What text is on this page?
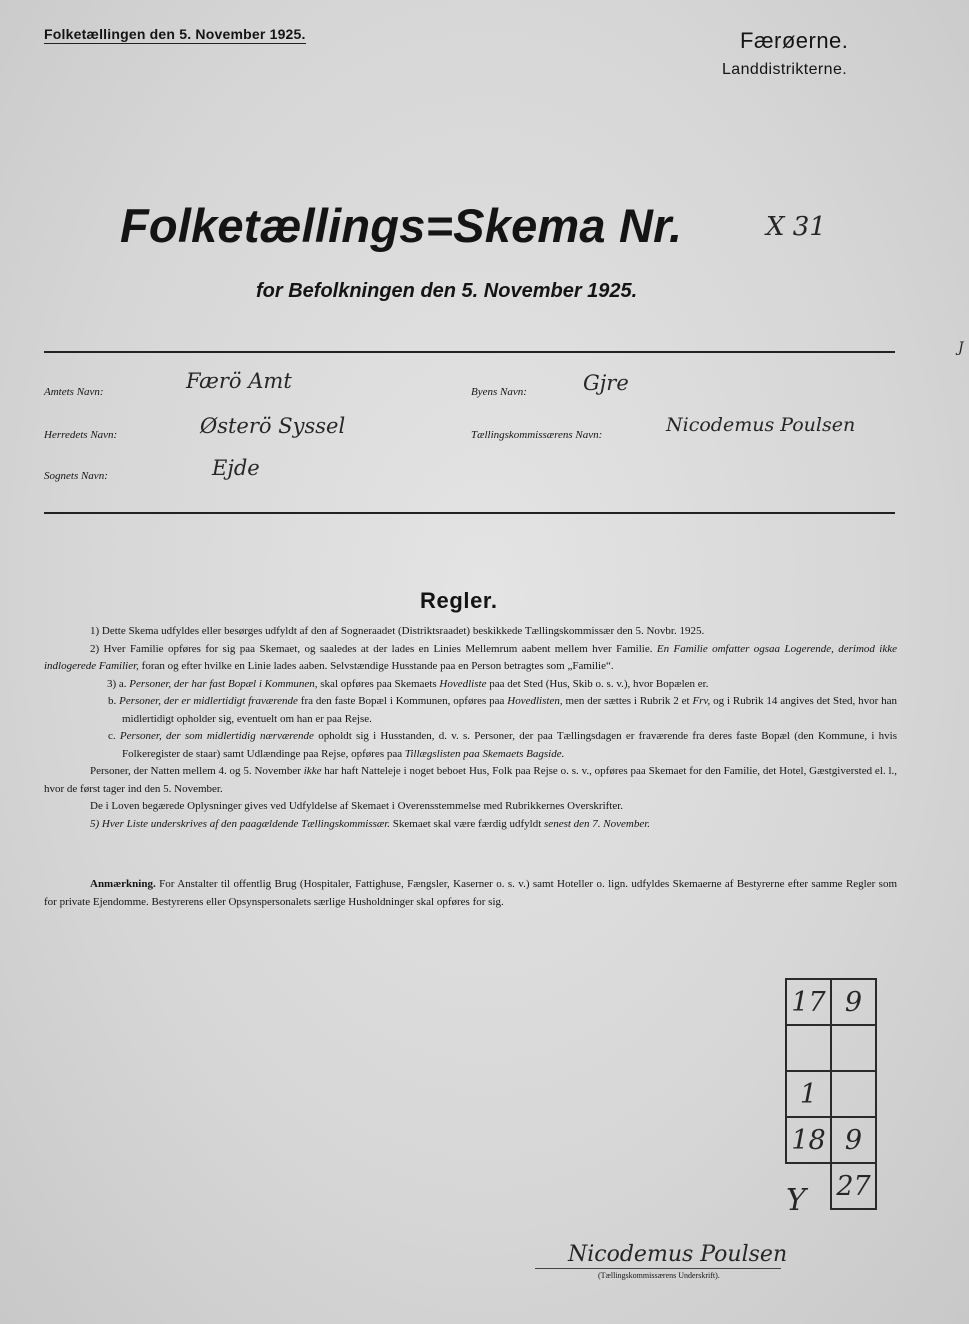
Folketællingen den 5. November 1925.	Færøerne.
Landdistrikterne.
Folketællings=Skema Nr.	X 31
for Befolkningen den 5. November 1925.
Amtets Navn:	Færö Amt	Byens Navn:	Gjre
Herredets Navn:	Østerö Syssel	Tællingskommissærens Navn:	Nicodemus Poulsen
Sognets Navn:	Ejde
Regler.

1) Dette Skema udfyldes eller besørges udfyldt af den af Sogneraadet (Distriktsraadet) beskikkede Tællingskommissær den 5. Novbr. 1925.

2) Hver Familie opføres for sig paa Skemaet, og saaledes at der lades en Linies Mellemrum aabent mellem hver Familie. En Familie omfatter ogsaa Logerende, derimod ikke indlogerede Familier, foran og efter hvilke en Linie lades aaben. Selvstændige Husstande paa en Person betragtes som „Familie“.

3) a. Personer, der har fast Bopæl i Kommunen, skal opføres paa Skemaets Hovedliste paa det Sted (Hus, Skib o. s. v.), hvor Bopælen er.

b. Personer, der er midlertidigt fraværende fra den faste Bopæl i Kommunen, opføres paa Hovedlisten, men der sættes i Rubrik 2 et Frv, og i Rubrik 14 angives det Sted, hvor han midlertidigt opholder sig, eventuelt om han er paa Rejse.

c. Personer, der som midlertidig nærværende opholdt sig i Husstanden, d. v. s. Personer, der paa Tællingsdagen er fraværende fra deres faste Bopæl (den Kommune, i hvis Folkeregister de staar) samt Udlændinge paa Rejse, opføres paa Tillægslisten paa Skemaets Bagside.

Personer, der Natten mellem 4. og 5. November ikke har haft Natteleje i noget beboet Hus, Folk paa Rejse o. s. v., opføres paa Skemaet for den Familie, det Hotel, Gæstgiversted el. l., hvor de først tager ind den 5. November.

De i Loven begærede Oplysninger gives ved Udfyldelse af Skemaet i Overensstemmelse med Rubrikkernes Overskrifter.

5) Hver Liste underskrives af den paagældende Tællingskommissær. Skemaet skal være færdig udfyldt senest den 7. November.

Anmærkning. For Anstalter til offentlig Brug (Hospitaler, Fattighuse, Fængsler, Kaserner o. s. v.) samt Hoteller o. lign. udfyldes Skemaerne af Bestyrerne efter samme Regler som for private Ejendomme. Bestyrerens eller Opsynspersonalets særlige Husholdninger skal opføres for sig.
17	9

1	
18	9
	27
Y
Nicodemus Poulsen
(Tællingskommissærens Underskrift).
J
